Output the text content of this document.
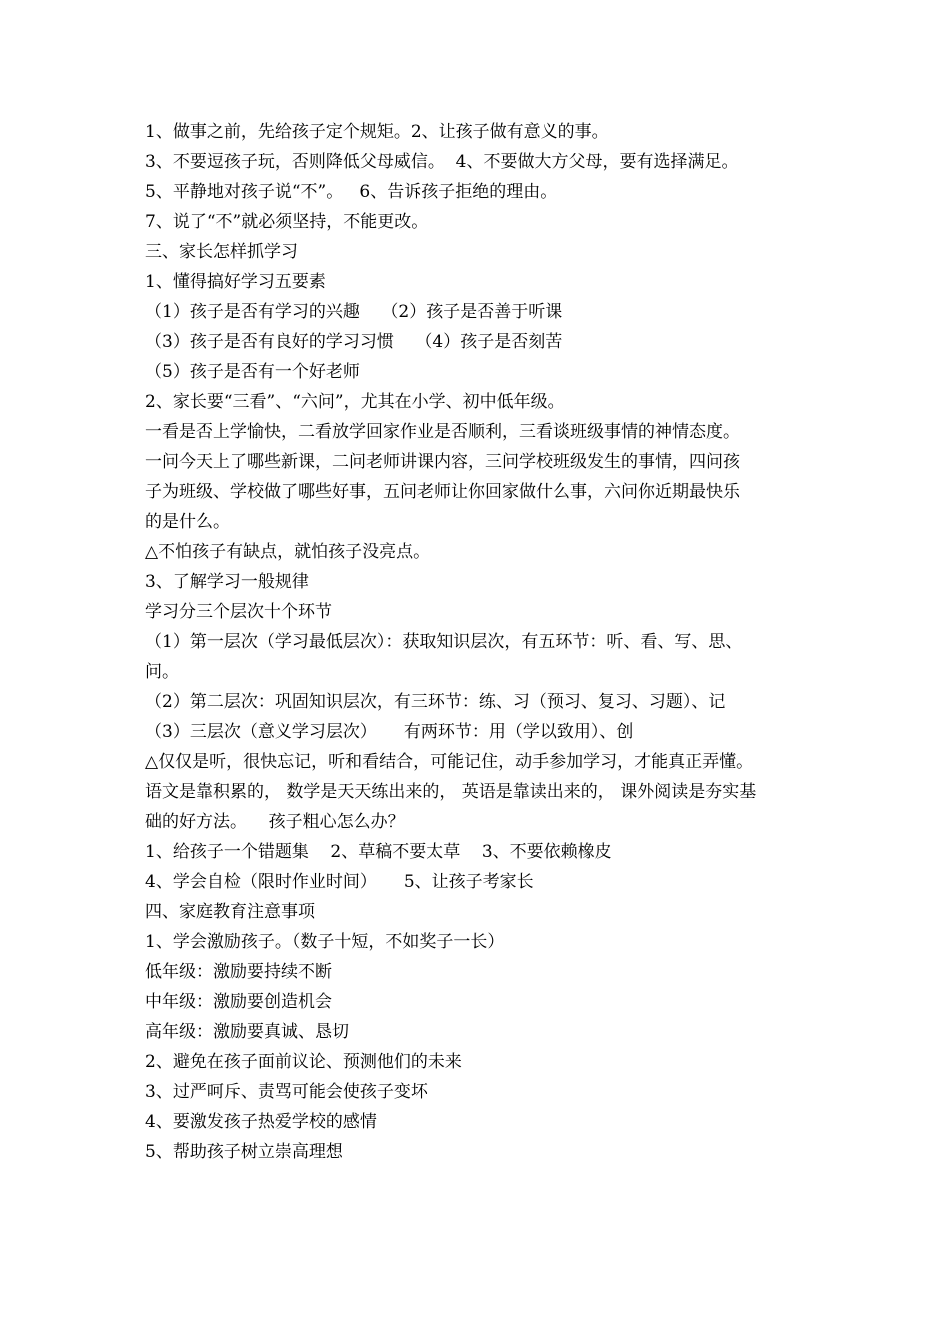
1、做事之前，先给孩子定个规矩。2、让孩子做有意义的事。
3、不要逗孩子玩，否则降低父母威信。  4、不要做大方父母，要有选择满足。
5、平静地对孩子说“不”。   6、告诉孩子拒绝的理由。
7、说了“不”就必须坚持，不能更改。
三、家长怎样抓学习
1、懂得搞好学习五要素
（1）孩子是否有学习的兴趣    （2）孩子是否善于听课
（3）孩子是否有良好的学习习惯    （4）孩子是否刻苦
（5）孩子是否有一个好老师
2、家长要“三看”、“六问”，尤其在小学、初中低年级。
一看是否上学愉快，二看放学回家作业是否顺利，三看谈班级事情的神情态度。
一问今天上了哪些新课，二问老师讲课内容，三问学校班级发生的事情，四问孩
子为班级、学校做了哪些好事，五问老师让你回家做什么事，六问你近期最快乐
的是什么。
△不怕孩子有缺点，就怕孩子没亮点。
3、了解学习一般规律
学习分三个层次十个环节
（1）第一层次（学习最低层次）：获取知识层次，有五环节：听、看、写、思、
问。
（2）第二层次：巩固知识层次，有三环节：练、习（预习、复习、习题）、记
（3）三层次（意义学习层次）     有两环节：用（学以致用）、创
△仅仅是听，很快忘记，听和看结合，可能记住，动手参加学习，才能真正弄懂。
语文是靠积累的， 数学是天天练出来的， 英语是靠读出来的， 课外阅读是夯实基
础的好方法。    孩子粗心怎么办？
1、给孩子一个错题集    2、草稿不要太草    3、不要依赖橡皮
4、学会自检（限时作业时间）     5、让孩子考家长
四、家庭教育注意事项
1、学会激励孩子。（数子十短，不如奖子一长）
低年级：激励要持续不断
中年级：激励要创造机会
高年级：激励要真诚、恳切
2、避免在孩子面前议论、预测他们的未来
3、过严呵斥、责骂可能会使孩子变坏
4、要激发孩子热爱学校的感情
5、帮助孩子树立崇高理想
